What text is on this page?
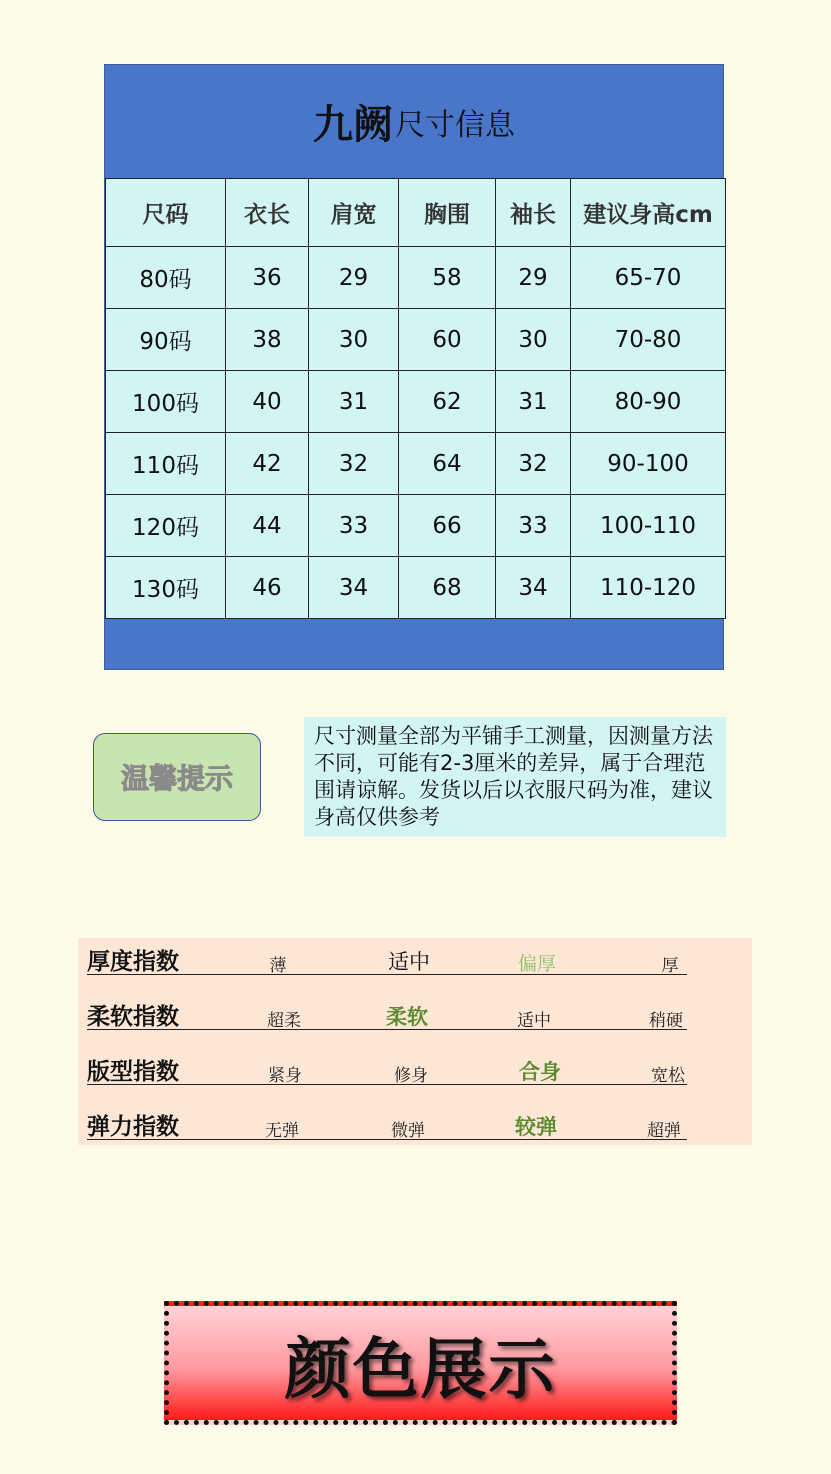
九阙 尺寸信息
尺码	衣长	肩宽	胸围	袖长	建议身高cm
80码	36	29	58	29	65-70
90码	38	30	60	30	70-80
100码	40	31	62	31	80-90
110码	42	32	64	32	90-100
120码	44	33	66	33	100-110
130码	46	34	68	34	110-120
温馨提示
尺寸测量全部为平铺手工测量，因测量方法不同，可能有2-3厘米的差异，属于合理范围请谅解。发货以后以衣服尺码为准，建议身高仅供参考
厚度指数	薄	适中	偏厚	厚
柔软指数	超柔	柔软	适中	稍硬
版型指数	紧身	修身	合身	宽松
弹力指数	无弹	微弹	较弹	超弹
颜色展示
